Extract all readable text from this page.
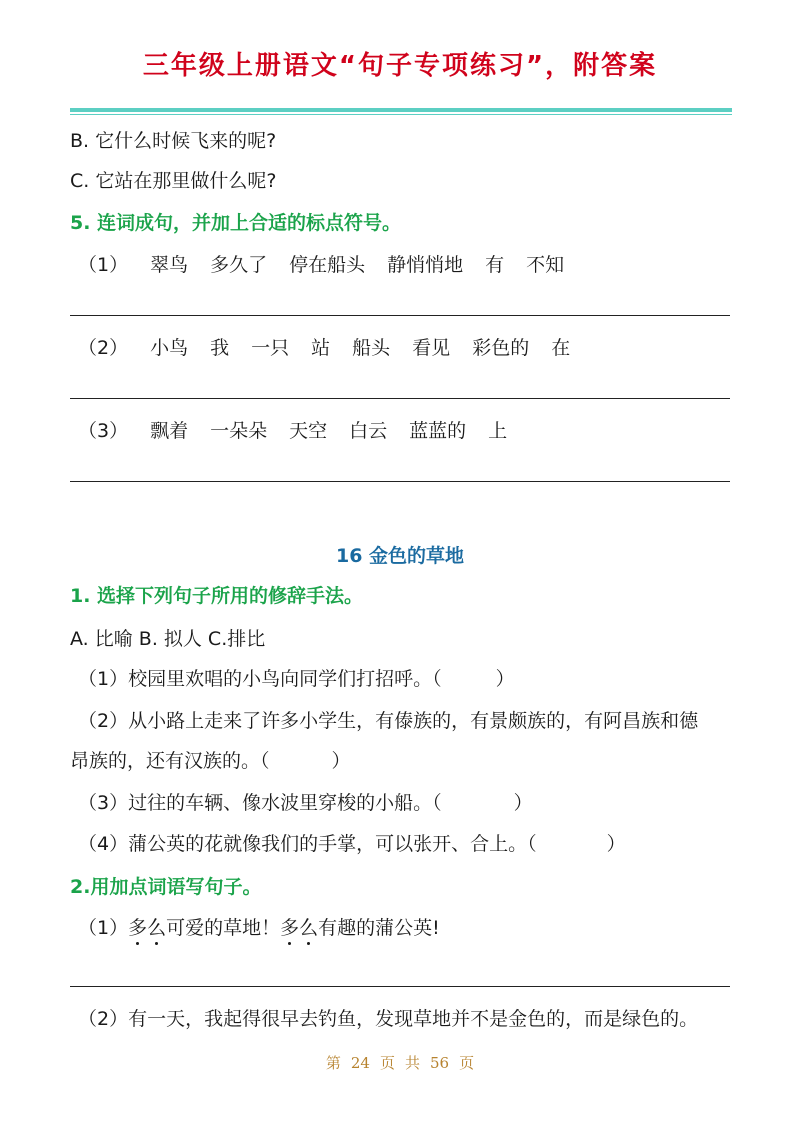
三年级上册语文“句子专项练习”，附答案
B. 它什么时候飞来的呢?
C. 它站在那里做什么呢?
5. 连词成句，并加上合适的标点符号。
（1） 翠鸟 多久了 停在船头 静悄悄地 有 不知
（2） 小鸟 我 一只 站 船头 看见 彩色的 在
（3） 飘着 一朵朵 天空 白云 蓝蓝的 上
16 金色的草地
1. 选择下列句子所用的修辞手法。
A. 比喻 B. 拟人 C.排比
（1）校园里欢唱的小鸟向同学们打招呼。（	）
（2）从小路上走来了许多小学生，有傣族的，有景颇族的，有阿昌族和德
昂族的，还有汉族的。（	）
（3）过往的车辆、像水波里穿梭的小船。（	）
（4）蒲公英的花就像我们的手掌，可以张开、合上。（	）
2.用加点词语写句子。
（1）多么可爱的草地！多么有趣的蒲公英!
（2）有一天，我起得很早去钓鱼，发现草地并不是金色的，而是绿色的。
第 24 页 共 56 页
